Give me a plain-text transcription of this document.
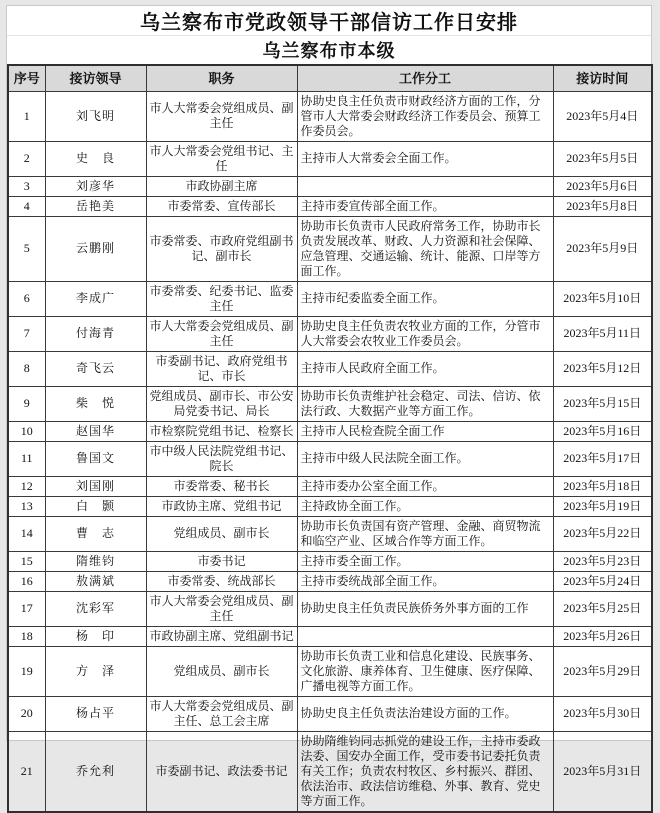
乌兰察布市党政领导干部信访工作日安排
乌兰察布市本级
序号	接访领导	职务	工作分工	接访时间
1	刘飞明	市人大常委会党组成员、副主任	协助史良主任负责市财政经济方面的工作，分管市人大常委会财政经济工作委员会、预算工作委员会。	2023年5月4日
2	史　良	市人大常委会党组书记、主任	主持市人大常委会全面工作。	2023年5月5日
3	刘彦华	市政协副主席		2023年5月6日
4	岳艳美	市委常委、宣传部长	主持市委宣传部全面工作。	2023年5月8日
5	云鹏刚	市委常委、市政府党组副书记、副市长	协助市长负责市人民政府常务工作，协助市长负责发展改革、财政、人力资源和社会保障、应急管理、交通运输、统计、能源、口岸等方面工作。	2023年5月9日
6	李成广	市委常委、纪委书记、监委主任	主持市纪委监委全面工作。	2023年5月10日
7	付海青	市人大常委会党组成员、副主任	协助史良主任负责农牧业方面的工作，分管市人大常委会农牧业工作委员会。	2023年5月11日
8	奇飞云	市委副书记、政府党组书记、市长	主持市人民政府全面工作。	2023年5月12日
9	柴　悦	党组成员、副市长、市公安局党委书记、局长	协助市长负责维护社会稳定、司法、信访、依法行政、大数据产业等方面工作。	2023年5月15日
10	赵国华	市检察院党组书记、检察长	主持市人民检查院全面工作	2023年5月16日
11	鲁国文	市中级人民法院党组书记、院长	主持市中级人民法院全面工作。	2023年5月17日
12	刘国刚	市委常委、秘书长	主持市委办公室全面工作。	2023年5月18日
13	白　颢	市政协主席、党组书记	主持政协全面工作。	2023年5月19日
14	曹　志	党组成员、副市长	协助市长负责国有资产管理、金融、商贸物流和临空产业、区域合作等方面工作。	2023年5月22日
15	隋维钧	市委书记	主持市委全面工作。	2023年5月23日
16	敖满斌	市委常委、统战部长	主持市委统战部全面工作。	2023年5月24日
17	沈彩军	市人大常委会党组成员、副主任	协助史良主任负责民族侨务外事方面的工作	2023年5月25日
18	杨　印	市政协副主席、党组副书记		2023年5月26日
19	方　泽	党组成员、副市长	协助市长负责工业和信息化建设、民族事务、文化旅游、康养体育、卫生健康、医疗保障、广播电视等方面工作。	2023年5月29日
20	杨占平	市人大常委会党组成员、副主任、总工会主席	协助史良主任负责法治建设方面的工作。	2023年5月30日
21	乔允利	市委副书记、政法委书记	协助隋维钧同志抓党的建设工作，主持市委政法委、国安办全面工作，受市委书记委托负责有关工作；负责农村牧区、乡村振兴、群团、依法治市、政法信访维稳、外事、教育、党史等方面工作。	2023年5月31日
